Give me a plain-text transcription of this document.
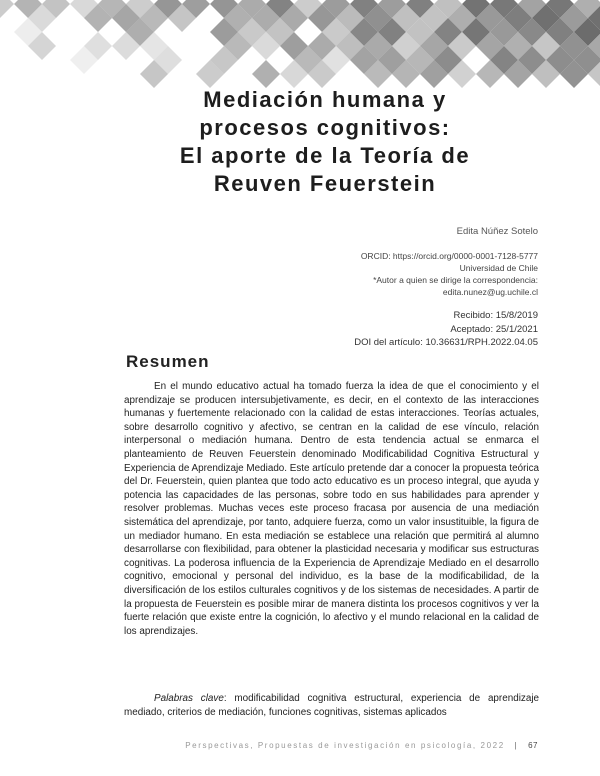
Mediación humana y
procesos cognitivos:
El aporte de la Teoría de
Reuven Feuerstein
Edita Núñez Sotelo
ORCID: https://orcid.org/0000-0001-7128-5777
Universidad de Chile
*Autor a quien se dirige la correspondencia:
edita.nunez@ug.uchile.cl
Recibido: 15/8/2019
Aceptado: 25/1/2021
DOI del artículo: 10.36631/RPH.2022.04.05
Resumen

En el mundo educativo actual ha tomado fuerza la idea de que el conocimiento y el aprendizaje se producen intersubjetivamente, es decir, en el contexto de las interacciones humanas y fuertemente relacionado con la calidad de estas interacciones. Teorías actuales, sobre desarrollo cognitivo y afectivo, se centran en la calidad de ese vínculo, relación interpersonal o mediación humana. Dentro de esta tendencia actual se enmarca el planteamiento de Reuven Feuerstein denominado Modificabilidad Cognitiva Estructural y Experiencia de Aprendizaje Mediado. Este artículo pretende dar a conocer la propuesta teórica del Dr. Feuerstein, quien plantea que todo acto educativo es un proceso integral, que ayuda y potencia las capacidades de las personas, sobre todo en sus habilidades para aprender y resolver problemas. Muchas veces este proceso fracasa por ausencia de una mediación sistemática del aprendizaje, por tanto, adquiere fuerza, como un valor insustituible, la figura de un mediador humano. En esta mediación se establece una relación que permitirá al alumno desarrollarse con flexibilidad, para obtener la plasticidad necesaria y modificar sus estructuras cognitivas. La poderosa influencia de la Experiencia de Aprendizaje Mediado en el desarrollo cognitivo, emocional y personal del individuo, es la base de la modificabilidad, de la diversificación de los estilos culturales cognitivos y de los sistemas de necesidades. A partir de la propuesta de Feuerstein es posible mirar de manera distinta los procesos cognitivos y ver la fuerte relación que existe entre la cognición, lo afectivo y el mundo relacional en la calidad de los aprendizajes.

Palabras clave: modificabilidad cognitiva estructural, experiencia de aprendizaje mediado, criterios de mediación, funciones cognitivas, sistemas aplicados

Perspectivas, Propuestas de investigación en psicología, 2022 | 67
